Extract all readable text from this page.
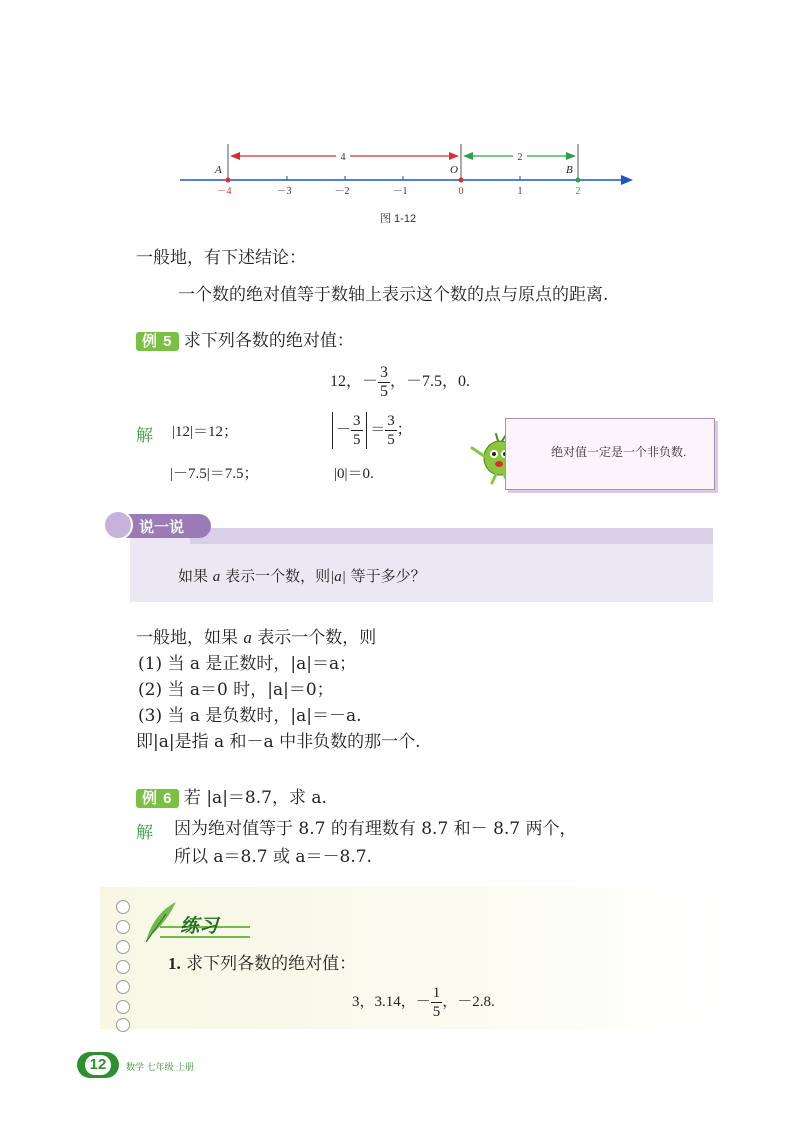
4	2
A	O	B
－4	－3	－2	－1	0	1	2
图 1-12
一般地，有下述结论：
一个数的绝对值等于数轴上表示这个数的点与原点的距离.
例 5 求下列各数的绝对值：
12，－ $\frac{3}{5}$ ，－7.5，0.
解 |12|＝12；	－ $\frac{3}{5} = \frac{3}{5}$ ；
|－7.5|＝7.5；	|0|＝0.
绝对值一定是一个非负数.
说一说
如果 a 表示一个数，则|a| 等于多少？
一般地，如果 a 表示一个数，则
(1) 当 a 是正数时，|a|＝a；
(2) 当 a＝0 时，|a|＝0；
(3) 当 a 是负数时，|a|＝－a.
即|a|是指 a 和－a 中非负数的那一个.
例 6 若 |a|＝8.7，求 a.
解 因为绝对值等于 8.7 的有理数有 8.7 和－ 8.7 两个，
所以 a＝8.7 或 a＝－8.7.
练习
1. 求下列各数的绝对值：
3，3.14，－ $\frac{1}{5}$ ，－2.8.
12	数学 七年级 上册
